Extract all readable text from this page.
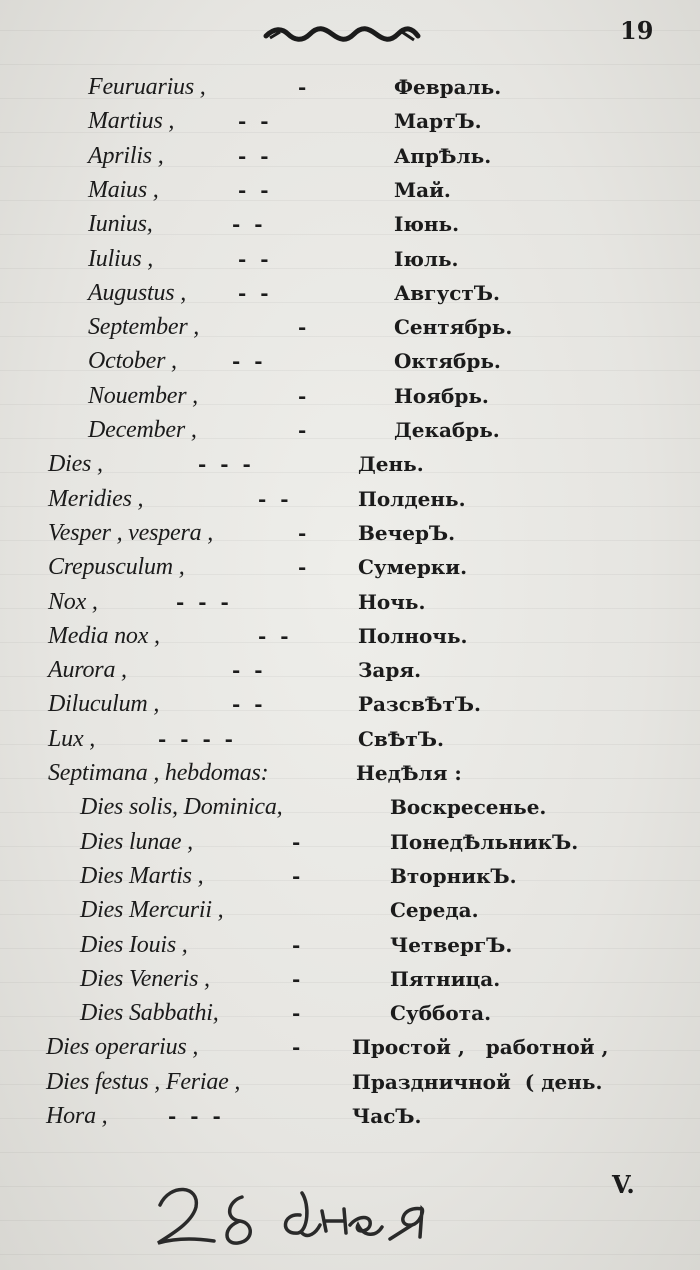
19
Feuruarius ,	-	Февраль.
Martius ,	-  -	МартЪ.
Aprilis ,	-  -	АпрѢль.
Maius ,	-  -	Май.
Iunius,	-  -	Іюнь.
Iulius ,	-  -	Іюль.
Augustus ,	-  -	АвгустЪ.
September ,	-	Сентябрь.
October ,	-  -	Октябрь.
Nouember ,	-	Ноябрь.
December ,	-	Декабрь.
Dies ,	-  -  -	День.
Meridies ,	-  -	Полдень.
Vesper , vespera ,	-	ВечерЪ.
Crepusculum ,	-	Сумерки.
Nox ,	-  -  -	Ночь.
Media nox ,	-  -	Полночь.
Aurora ,	-  -	Заря.
Diluculum ,	-  -	РазсвѢтЪ.
Lux ,	-  -  -  -	СвѢтЪ.
Septimana , hebdomas:	НедѢля :
Dies solis, Dominica,	Воскресенье.
Dies lunae ,	-	ПонедѢльникЪ.
Dies Martis ,	-	ВторникЪ.
Dies Mercurii ,	Середа.
Dies Iouis ,	-	ЧетвергЪ.
Dies Veneris ,	-	Пятница.
Dies Sabbathi,	-	Суббота.
Dies operarius ,	-	Простой ,   работной ,
Dies festus , Feriae ,	Праздничной  ( день.
Hora ,	-  -  -	ЧасЪ.
V.
